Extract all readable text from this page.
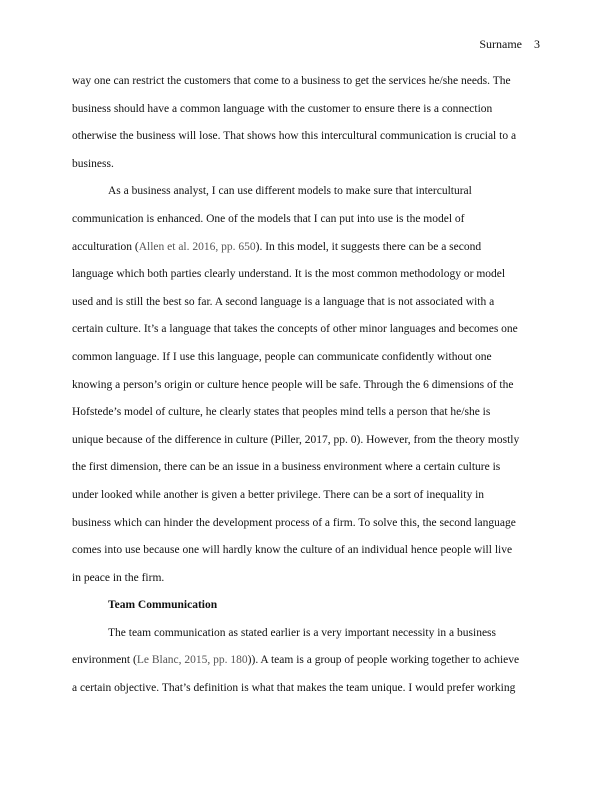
Surname 3

way one can restrict the customers that come to a business to get the services he/she needs. The
business should have a common language with the customer to ensure there is a connection
otherwise the business will lose. That shows how this intercultural communication is crucial to a
business.

As a business analyst, I can use different models to make sure that intercultural
communication is enhanced. One of the models that I can put into use is the model of
acculturation (Allen et al. 2016, pp. 650). In this model, it suggests there can be a second
language which both parties clearly understand. It is the most common methodology or model
used and is still the best so far. A second language is a language that is not associated with a
certain culture. It’s a language that takes the concepts of other minor languages and becomes one
common language. If I use this language, people can communicate confidently without one
knowing a person’s origin or culture hence people will be safe. Through the 6 dimensions of the
Hofstede’s model of culture, he clearly states that peoples mind tells a person that he/she is
unique because of the difference in culture (Piller, 2017, pp. 0). However, from the theory mostly
the first dimension, there can be an issue in a business environment where a certain culture is
under looked while another is given a better privilege. There can be a sort of inequality in
business which can hinder the development process of a firm. To solve this, the second language
comes into use because one will hardly know the culture of an individual hence people will live
in peace in the firm.

Team Communication

The team communication as stated earlier is a very important necessity in a business
environment (Le Blanc, 2015, pp. 180)). A team is a group of people working together to achieve
a certain objective. That’s definition is what that makes the team unique. I would prefer working
